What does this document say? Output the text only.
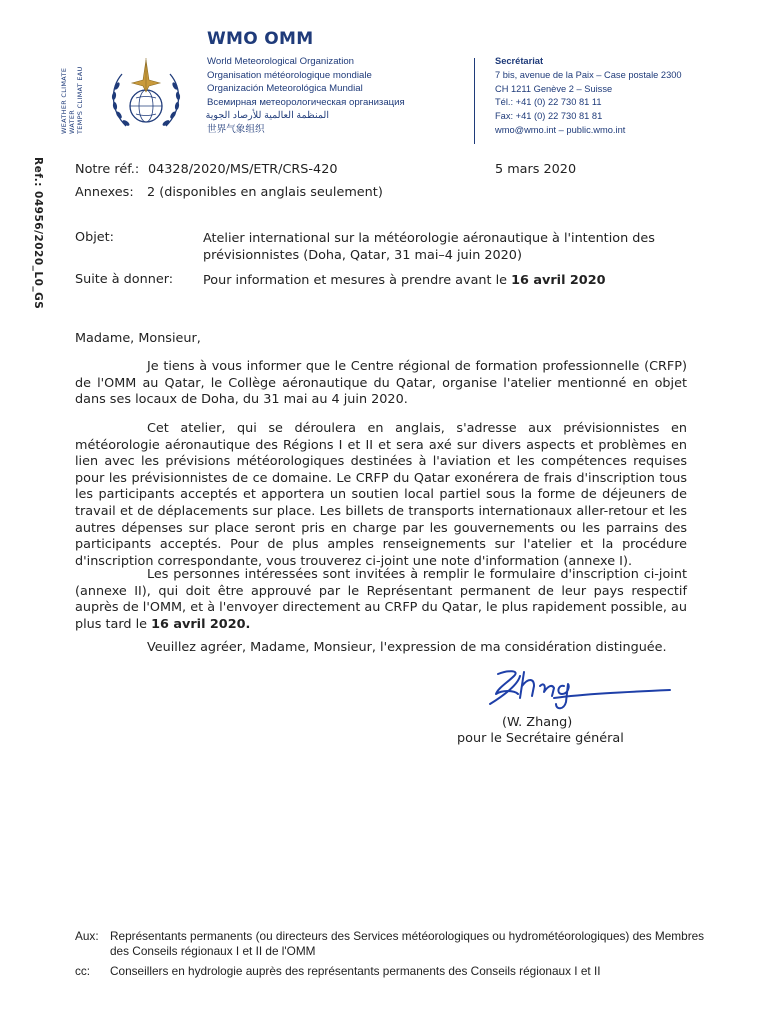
WEATHER CLIMATE WATER TEMPS CLIMAT EAU
WMO OMM
World Meteorological Organization
Organisation météorologique mondiale
Organización Meteorológica Mundial
Всемирная метеорологическая организация
المنظمة العالمية للأرصاد الجوية
世界气象组织
Secrétariat
7 bis, avenue de la Paix – Case postale 2300
CH 1211 Genève 2 – Suisse
Tél.: +41 (0) 22 730 81 11
Fax: +41 (0) 22 730 81 81
wmo@wmo.int – public.wmo.int
Ref.: 04956/2020_L0_GS Notre réf.: 04328/2020/MS/ETR/CRS-420	5 mars 2020
Annexes: 2 (disponibles en anglais seulement)
Objet:	Atelier international sur la météorologie aéronautique à l'intention des prévisionnistes (Doha, Qatar, 31 mai–4 juin 2020)
Suite à donner: Pour information et mesures à prendre avant le 16 avril 2020
Madame, Monsieur,

Je tiens à vous informer que le Centre régional de formation professionnelle (CRFP) de l'OMM au Qatar, le Collège aéronautique du Qatar, organise l'atelier mentionné en objet dans ses locaux de Doha, du 31 mai au 4 juin 2020.

Cet atelier, qui se déroulera en anglais, s'adresse aux prévisionnistes en météorologie aéronautique des Régions I et II et sera axé sur divers aspects et problèmes en lien avec les prévisions météorologiques destinées à l'aviation et les compétences requises pour les prévisionnistes de ce domaine. Le CRFP du Qatar exonérera de frais d'inscription tous les participants acceptés et apportera un soutien local partiel sous la forme de déjeuners de travail et de déplacements sur place. Les billets de transports internationaux aller-retour et les autres dépenses sur place seront pris en charge par les gouvernements ou les parrains des participants acceptés. Pour de plus amples renseignements sur l'atelier et la procédure d'inscription correspondante, vous trouverez ci-joint une note d'information (annexe I).

Les personnes intéressées sont invitées à remplir le formulaire d'inscription ci-joint (annexe II), qui doit être approuvé par le Représentant permanent de leur pays respectif auprès de l'OMM, et à l'envoyer directement au CRFP du Qatar, le plus rapidement possible, au plus tard le 16 avril 2020.

Veuillez agréer, Madame, Monsieur, l'expression de ma considération distinguée.

(W. Zhang)
pour le Secrétaire général
Aux: Représentants permanents (ou directeurs des Services météorologiques ou hydrométéorologiques) des Membres des Conseils régionaux I et II de l'OMM
cc: Conseillers en hydrologie auprès des représentants permanents des Conseils régionaux I et II
